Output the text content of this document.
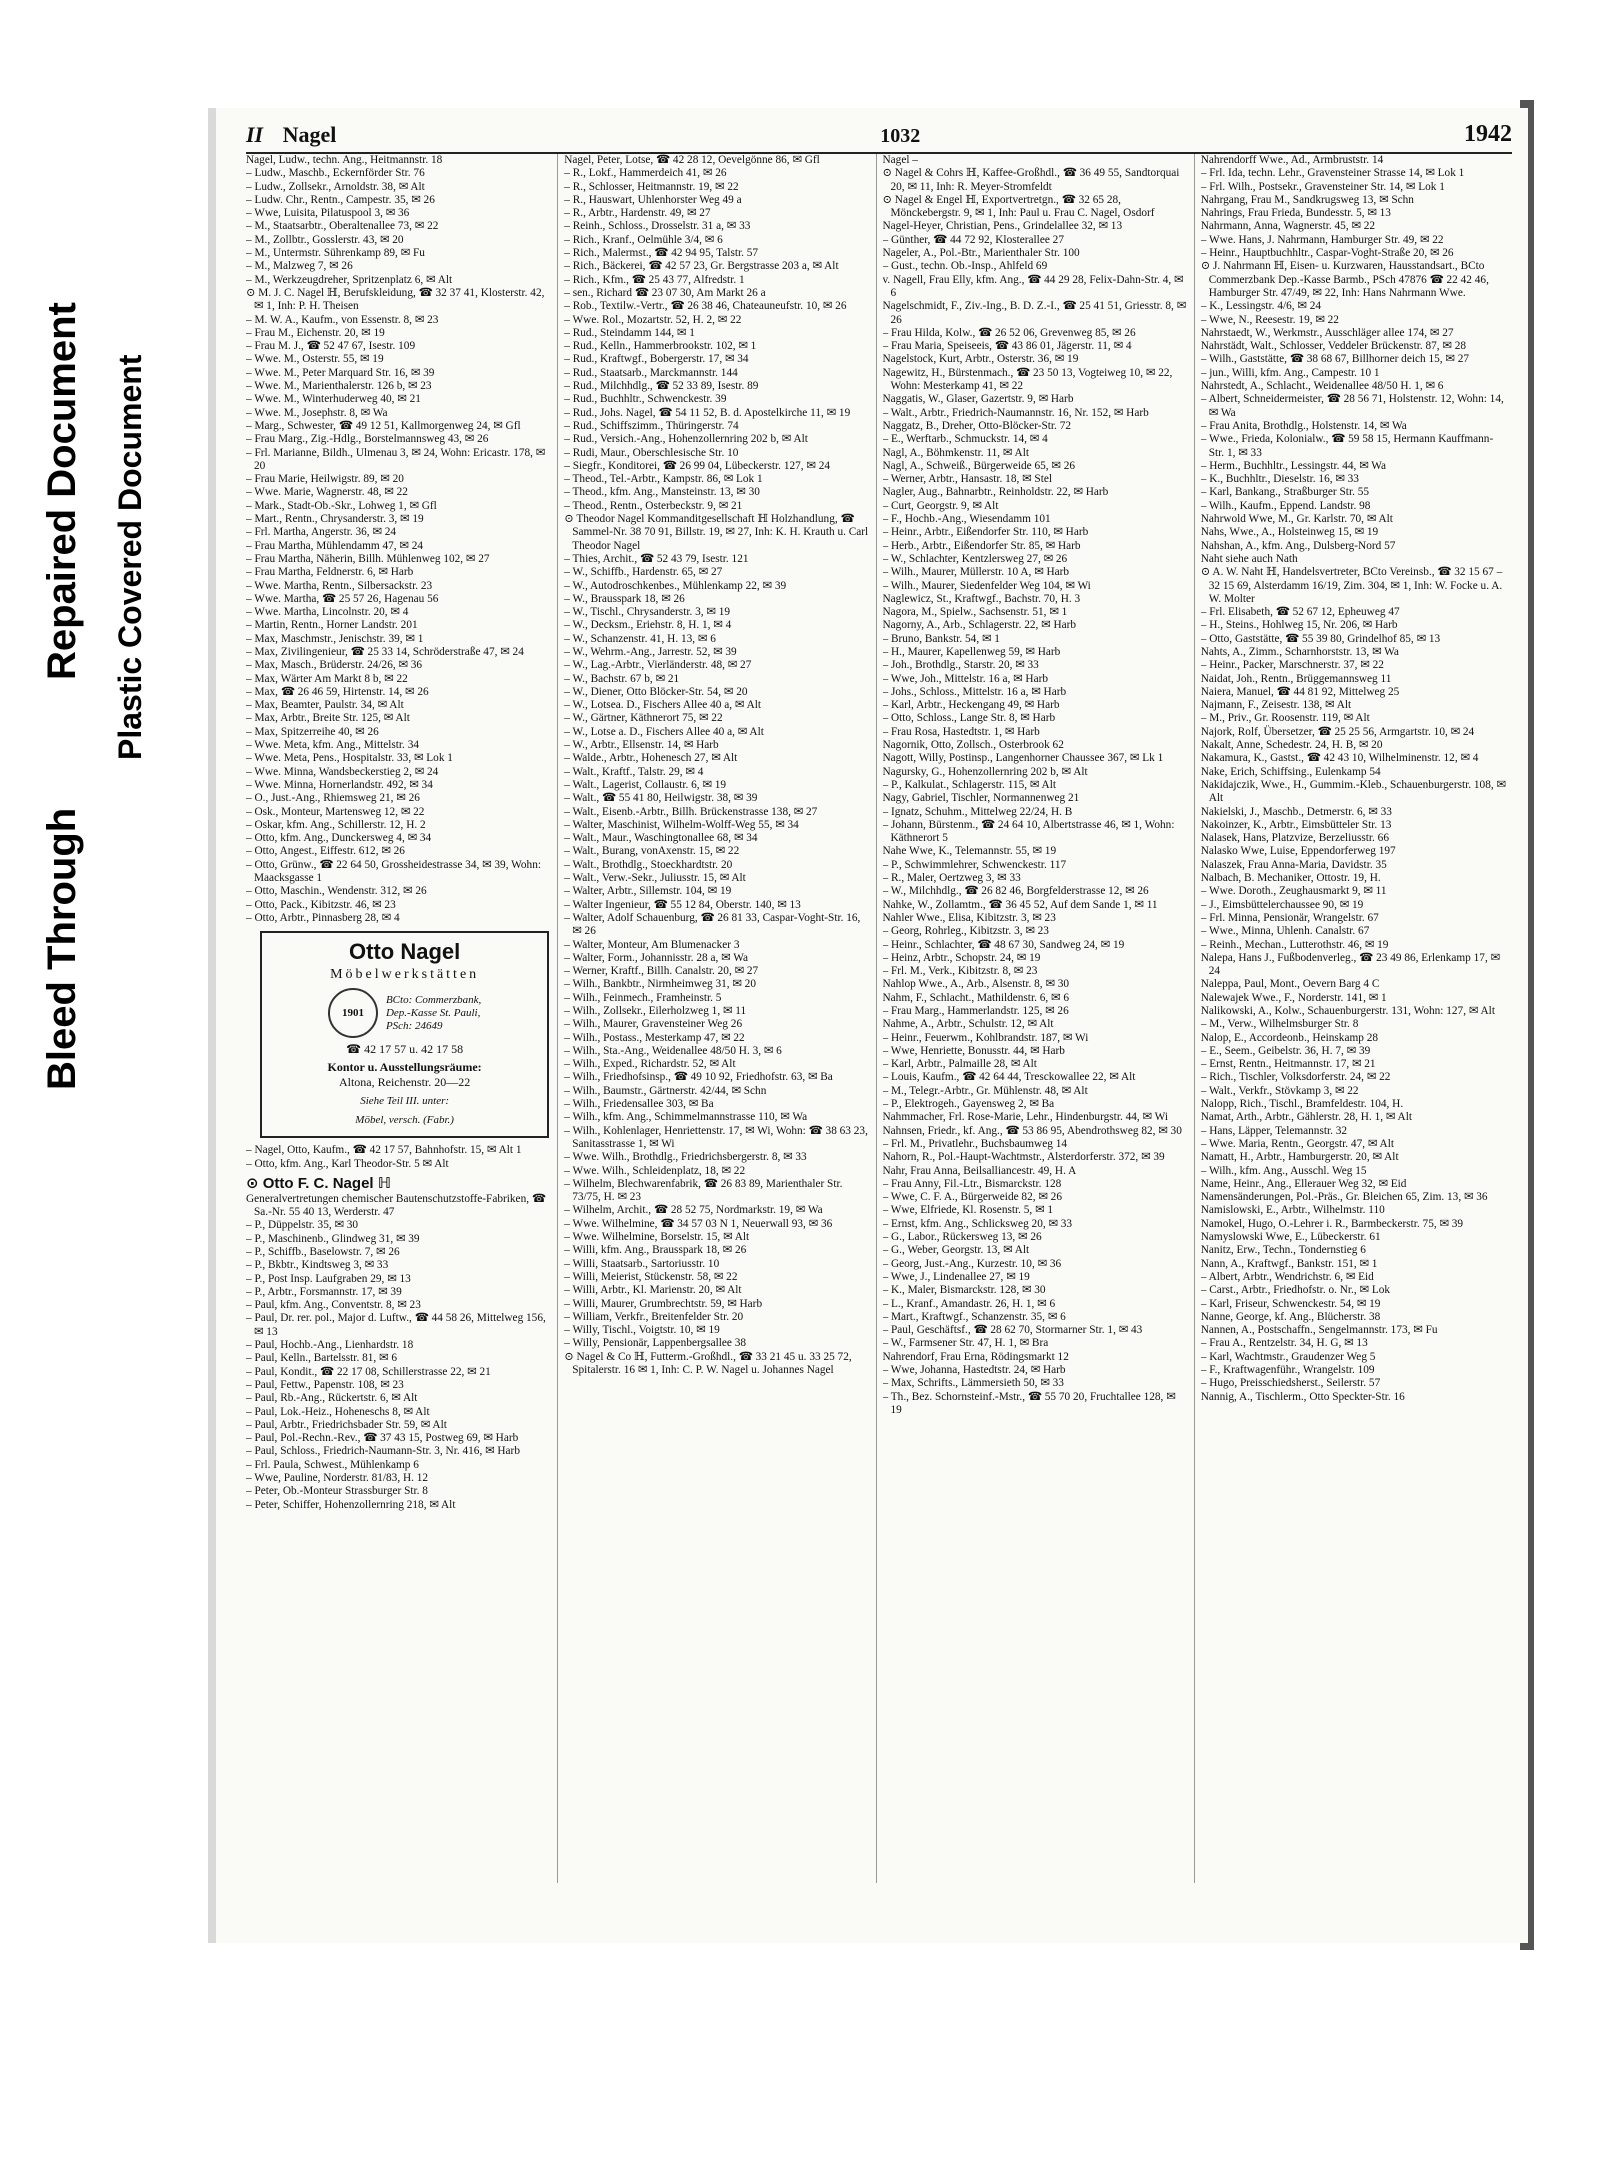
Bleed Through
Repaired Document Plastic Covered Document
II Nagel	1032	1942

Nagel, Ludw., techn. Ang., Heitmannstr. 18

– Ludw., Maschb., Eckernförder Str. 76

– Ludw., Zollsekr., Arnoldstr. 38, ✉ Alt

– Ludw. Chr., Rentn., Campestr. 35, ✉ 26

– Wwe, Luisita, Pilatuspool 3, ✉ 36

– M., Staatsarbtr., Oberaltenallee 73, ✉ 22

– M., Zollbtr., Gosslerstr. 43, ✉ 20

– M., Untermstr. Sührenkamp 89, ✉ Fu

– M., Malzweg 7, ✉ 26

– M., Werkzeugdreher, Spritzenplatz 6, ✉ Alt

⊙ M. J. C. Nagel ℍ, Berufskleidung, ☎ 32 37 41, Klosterstr. 42, ✉ 1, Inh: P. H. Theisen

– M. W. A., Kaufm., von Essenstr. 8, ✉ 23

– Frau M., Eichenstr. 20, ✉ 19

– Frau M. J., ☎ 52 47 67, Isestr. 109

– Wwe. M., Osterstr. 55, ✉ 19

– Wwe. M., Peter Marquard Str. 16, ✉ 39

– Wwe. M., Marienthalerstr. 126 b, ✉ 23

– Wwe. M., Winterhuderweg 40, ✉ 21

– Wwe. M., Josephstr. 8, ✉ Wa

– Marg., Schwester, ☎ 49 12 51, Kallmorgenweg 24, ✉ Gfl

– Frau Marg., Zig.-Hdlg., Borstelmannsweg 43, ✉ 26

– Frl. Marianne, Bildh., Ulmenau 3, ✉ 24, Wohn: Ericastr. 178, ✉ 20

– Frau Marie, Heilwigstr. 89, ✉ 20

– Wwe. Marie, Wagnerstr. 48, ✉ 22

– Mark., Stadt-Ob.-Skr., Lohweg 1, ✉ Gfl

– Mart., Rentn., Chrysanderstr. 3, ✉ 19

– Frl. Martha, Angerstr. 36, ✉ 24

– Frau Martha, Mühlendamm 47, ✉ 24

– Frau Martha, Näherin, Billh. Mühlenweg 102, ✉ 27

– Frau Martha, Feldnerstr. 6, ✉ Harb

– Wwe. Martha, Rentn., Silbersackstr. 23

– Wwe. Martha, ☎ 25 57 26, Hagenau 56

– Wwe. Martha, Lincolnstr. 20, ✉ 4

– Martin, Rentn., Horner Landstr. 201

– Max, Maschmstr., Jenischstr. 39, ✉ 1

– Max, Zivilingenieur, ☎ 25 33 14, Schröderstraße 47, ✉ 24

– Max, Masch., Brüderstr. 24/26, ✉ 36

– Max, Wärter Am Markt 8 b, ✉ 22

– Max, ☎ 26 46 59, Hirtenstr. 14, ✉ 26

– Max, Beamter, Paulstr. 34, ✉ Alt

– Max, Arbtr., Breite Str. 125, ✉ Alt

– Max, Spitzerreihe 40, ✉ 26

– Wwe. Meta, kfm. Ang., Mittelstr. 34

– Wwe. Meta, Pens., Hospitalstr. 33, ✉ Lok 1

– Wwe. Minna, Wandsbeckerstieg 2, ✉ 24

– Wwe. Minna, Hornerlandstr. 492, ✉ 34

– O., Just.-Ang., Rhiemsweg 21, ✉ 26

– Osk., Monteur, Martensweg 12, ✉ 22

– Oskar, kfm. Ang., Schillerstr. 12, H. 2

– Otto, kfm. Ang., Dunckersweg 4, ✉ 34

– Otto, Angest., Eiffestr. 612, ✉ 26

– Otto, Grünw., ☎ 22 64 50, Grossheidestrasse 34, ✉ 39, Wohn: Maacksgasse 1

– Otto, Maschin., Wendenstr. 312, ✉ 26

– Otto, Pack., Kibitzstr. 46, ✉ 23

– Otto, Arbtr., Pinnasberg 28, ✉ 4

Otto Nagel
Möbelwerkstätten
1901
BCto: Commerzbank,
Dep.-Kasse St. Pauli,
PSch: 24649
☎ 42 17 57 u. 42 17 58
Kontor u. Ausstellungsräume:
Altona, Reichenstr. 20—22
Siehe Teil III. unter:
Möbel, versch. (Fabr.)

– Nagel, Otto, Kaufm., ☎ 42 17 57, Bahnhofstr. 15, ✉ Alt 1

– Otto, kfm. Ang., Karl Theodor-Str. 5 ✉ Alt

⊙ Otto F. C. Nagel ℍ

Generalvertretungen chemischer Bautenschutzstoffe-Fabriken, ☎ Sa.-Nr. 55 40 13, Werderstr. 47

– P., Düppelstr. 35, ✉ 30

– P., Maschinenb., Glindweg 31, ✉ 39

– P., Schiffb., Baselowstr. 7, ✉ 26

– P., Bkbtr., Kindtsweg 3, ✉ 33

– P., Post Insp. Laufgraben 29, ✉ 13

– P., Arbtr., Forsmannstr. 17, ✉ 39

– Paul, kfm. Ang., Conventstr. 8, ✉ 23

– Paul, Dr. rer. pol., Major d. Luftw., ☎ 44 58 26, Mittelweg 156, ✉ 13

– Paul, Hochb.-Ang., Lienhardstr. 18

– Paul, Kelln., Bartelsstr. 81, ✉ 6

– Paul, Kondit., ☎ 22 17 08, Schillerstrasse 22, ✉ 21

– Paul, Fettw., Papenstr. 108, ✉ 23

– Paul, Rb.-Ang., Rückertstr. 6, ✉ Alt

– Paul, Lok.-Heiz., Hoheneschs 8, ✉ Alt

– Paul, Arbtr., Friedrichsbader Str. 59, ✉ Alt

– Paul, Pol.-Rechn.-Rev., ☎ 37 43 15, Postweg 69, ✉ Harb

– Paul, Schloss., Friedrich-Naumann-Str. 3, Nr. 416, ✉ Harb

– Frl. Paula, Schwest., Mühlenkamp 6

– Wwe, Pauline, Norderstr. 81/83, H. 12

– Peter, Ob.-Monteur Strassburger Str. 8

– Peter, Schiffer, Hohenzollernring 218, ✉ Alt

Nagel, Peter, Lotse, ☎ 42 28 12, Oevelgönne 86, ✉ Gfl

– R., Lokf., Hammerdeich 41, ✉ 26

– R., Schlosser, Heitmannstr. 19, ✉ 22

– R., Hauswart, Uhlenhorster Weg 49 a

– R., Arbtr., Hardenstr. 49, ✉ 27

– Reinh., Schloss., Drosselstr. 31 a, ✉ 33

– Rich., Kranf., Oelmühle 3/4, ✉ 6

– Rich., Malermst., ☎ 42 94 95, Talstr. 57

– Rich., Bäckerei, ☎ 42 57 23, Gr. Bergstrasse 203 a, ✉ Alt

– Rich., Kfm., ☎ 25 43 77, Alfredstr. 1

– sen., Richard ☎ 23 07 30, Am Markt 26 a

– Rob., Textilw.-Vertr., ☎ 26 38 46, Chateauneufstr. 10, ✉ 26

– Wwe. Rol., Mozartstr. 52, H. 2, ✉ 22

– Rud., Steindamm 144, ✉ 1

– Rud., Kelln., Hammerbrookstr. 102, ✉ 1

– Rud., Kraftwgf., Bobergerstr. 17, ✉ 34

– Rud., Staatsarb., Marckmannstr. 144

– Rud., Milchhdlg., ☎ 52 33 89, Isestr. 89

– Rud., Buchhltr., Schwenckestr. 39

– Rud., Johs. Nagel, ☎ 54 11 52, B. d. Apostelkirche 11, ✉ 19

– Rud., Schiffszimm., Thüringerstr. 74

– Rud., Versich.-Ang., Hohenzollernring 202 b, ✉ Alt

– Rudi, Maur., Oberschlesische Str. 10

– Siegfr., Konditorei, ☎ 26 99 04, Lübeckerstr. 127, ✉ 24

– Theod., Tel.-Arbtr., Kampstr. 86, ✉ Lok 1

– Theod., kfm. Ang., Mansteinstr. 13, ✉ 30

– Theod., Rentn., Osterbeckstr. 9, ✉ 21

⊙ Theodor Nagel Kommanditgesellschaft ℍ Holzhandlung, ☎ Sammel-Nr. 38 70 91, Billstr. 19, ✉ 27, Inh: K. H. Krauth u. Carl Theodor Nagel

– Thies, Archit., ☎ 52 43 79, Isestr. 121

– W., Schiffb., Hardenstr. 65, ✉ 27

– W., Autodroschkenbes., Mühlenkamp 22, ✉ 39

– W., Brausspark 18, ✉ 26

– W., Tischl., Chrysanderstr. 3, ✉ 19

– W., Decksm., Eriehstr. 8, H. 1, ✉ 4

– W., Schanzenstr. 41, H. 13, ✉ 6

– W., Wehrm.-Ang., Jarrestr. 52, ✉ 39

– W., Lag.-Arbtr., Vierländerstr. 48, ✉ 27

– W., Bachstr. 67 b, ✉ 21

– W., Diener, Otto Blöcker-Str. 54, ✉ 20

– W., Lotsea. D., Fischers Allee 40 a, ✉ Alt

– W., Gärtner, Käthnerort 75, ✉ 22

– W., Lotse a. D., Fischers Allee 40 a, ✉ Alt

– W., Arbtr., Ellsenstr. 14, ✉ Harb

– Walde., Arbtr., Hohenesch 27, ✉ Alt

– Walt., Kraftf., Talstr. 29, ✉ 4

– Walt., Lagerist, Collaustr. 6, ✉ 19

– Walt., ☎ 55 41 80, Heilwigstr. 38, ✉ 39

– Walt., Eisenb.-Arbtr., Billh. Brückenstrasse 138, ✉ 27

– Walter, Maschinist, Wilhelm-Wolff-Weg 55, ✉ 34

– Walt., Maur., Waschingtonallee 68, ✉ 34

– Walt., Burang, vonAxenstr. 15, ✉ 22

– Walt., Brothdlg., Stoeckhardtstr. 20

– Walt., Verw.-Sekr., Juliusstr. 15, ✉ Alt

– Walter, Arbtr., Sillemstr. 104, ✉ 19

– Walter Ingenieur, ☎ 55 12 84, Oberstr. 140, ✉ 13

– Walter, Adolf Schauenburg, ☎ 26 81 33, Caspar-Voght-Str. 16, ✉ 26

– Walter, Monteur, Am Blumenacker 3

– Walter, Form., Johannisstr. 28 a, ✉ Wa

– Werner, Kraftf., Billh. Canalstr. 20, ✉ 27

– Wilh., Bankbtr., Nirmheimweg 31, ✉ 20

– Wilh., Feinmech., Framheinstr. 5

– Wilh., Zollsekr., Eilerholzweg 1, ✉ 11

– Wilh., Maurer, Gravensteiner Weg 26

– Wilh., Postass., Mesterkamp 47, ✉ 22

– Wilh., Sta.-Ang., Weidenallee 48/50 H. 3, ✉ 6

– Wilh., Exped., Richardstr. 52, ✉ Alt

– Wilh., Friedhofsinsp., ☎ 49 10 92, Friedhofstr. 63, ✉ Ba

– Wilh., Baumstr., Gärtnerstr. 42/44, ✉ Schn

– Wilh., Friedensallee 303, ✉ Ba

– Wilh., kfm. Ang., Schimmelmannstrasse 110, ✉ Wa

– Wilh., Kohlenlager, Henriettenstr. 17, ✉ Wi, Wohn: ☎ 38 63 23, Sanitasstrasse 1, ✉ Wi

– Wwe. Wilh., Brothdlg., Friedrichsbergerstr. 8, ✉ 33

– Wwe. Wilh., Schleidenplatz, 18, ✉ 22

– Wilhelm, Blechwarenfabrik, ☎ 26 83 89, Marienthaler Str. 73/75, H. ✉ 23

– Wilhelm, Archit., ☎ 28 52 75, Nordmarkstr. 19, ✉ Wa

– Wwe. Wilhelmine, ☎ 34 57 03 N 1, Neuerwall 93, ✉ 36

– Wwe. Wilhelmine, Borselstr. 15, ✉ Alt

– Willi, kfm. Ang., Brausspark 18, ✉ 26

– Willi, Staatsarb., Sartoriusstr. 10

– Willi, Meierist, Stückenstr. 58, ✉ 22

– Willi, Arbtr., Kl. Marienstr. 20, ✉ Alt

– Willi, Maurer, Grumbrechtstr. 59, ✉ Harb

– William, Verkfr., Breitenfelder Str. 20

– Willy, Tischl., Voigtstr. 10, ✉ 19

– Willy, Pensionär, Lappenbergsallee 38

⊙ Nagel & Co ℍ, Futterm.-Großhdl., ☎ 33 21 45 u. 33 25 72, Spitalerstr. 16 ✉ 1, Inh: C. P. W. Nagel u. Johannes Nagel

Nagel –

⊙ Nagel & Cohrs ℍ, Kaffee-Großhdl., ☎ 36 49 55, Sandtorquai 20, ✉ 11, Inh: R. Meyer-Stromfeldt

⊙ Nagel & Engel ℍ, Exportvertretgn., ☎ 32 65 28, Mönckebergstr. 9, ✉ 1, Inh: Paul u. Frau C. Nagel, Osdorf

Nagel-Heyer, Christian, Pens., Grindelallee 32, ✉ 13

– Günther, ☎ 44 72 92, Klosterallee 27

Nageler, A., Pol.-Btr., Marienthaler Str. 100

– Gust., techn. Ob.-Insp., Ahlfeld 69

v. Nagell, Frau Elly, kfm. Ang., ☎ 44 29 28, Felix-Dahn-Str. 4, ✉ 6

Nagelschmidt, F., Ziv.-Ing., B. D. Z.-I., ☎ 25 41 51, Griesstr. 8, ✉ 26

– Frau Hilda, Kolw., ☎ 26 52 06, Grevenweg 85, ✉ 26

– Frau Maria, Speiseeis, ☎ 43 86 01, Jägerstr. 11, ✉ 4

Nagelstock, Kurt, Arbtr., Osterstr. 36, ✉ 19

Nagewitz, H., Bürstenmach., ☎ 23 50 13, Vogteiweg 10, ✉ 22, Wohn: Mesterkamp 41, ✉ 22

Naggatis, W., Glaser, Gazertstr. 9, ✉ Harb

– Walt., Arbtr., Friedrich-Naumannstr. 16, Nr. 152, ✉ Harb

Naggatz, B., Dreher, Otto-Blöcker-Str. 72

– E., Werftarb., Schmuckstr. 14, ✉ 4

Nagl, A., Böhmkenstr. 11, ✉ Alt

Nagl, A., Schweiß., Bürgerweide 65, ✉ 26

– Werner, Arbtr., Hansastr. 18, ✉ Stel

Nagler, Aug., Bahnarbtr., Reinholdstr. 22, ✉ Harb

– Curt, Georgstr. 9, ✉ Alt

– F., Hochb.-Ang., Wiesendamm 101

– Heinr., Arbtr., Eißendorfer Str. 110, ✉ Harb

– Herb., Arbtr., Eißendorfer Str. 85, ✉ Harb

– W., Schlachter, Kentzlersweg 27, ✉ 26

– Wilh., Maurer, Müllerstr. 10 A, ✉ Harb

– Wilh., Maurer, Siedenfelder Weg 104, ✉ Wi

Naglewicz, St., Kraftwgf., Bachstr. 70, H. 3

Nagora, M., Spielw., Sachsenstr. 51, ✉ 1

Nagorny, A., Arb., Schlagerstr. 22, ✉ Harb

– Bruno, Bankstr. 54, ✉ 1

– H., Maurer, Kapellenweg 59, ✉ Harb

– Joh., Brothdlg., Starstr. 20, ✉ 33

– Wwe, Joh., Mittelstr. 16 a, ✉ Harb

– Johs., Schloss., Mittelstr. 16 a, ✉ Harb

– Karl, Arbtr., Heckengang 49, ✉ Harb

– Otto, Schloss., Lange Str. 8, ✉ Harb

– Frau Rosa, Hastedtstr. 1, ✉ Harb

Nagornik, Otto, Zollsch., Osterbrook 62

Nagott, Willy, Postinsp., Langenhorner Chaussee 367, ✉ Lk 1

Nagursky, G., Hohenzollernring 202 b, ✉ Alt

– P., Kalkulat., Schlagerstr. 115, ✉ Alt

Nagy, Gabriel, Tischler, Normannenweg 21

– Ignatz, Schuhm., Mittelweg 22/24, H. B

– Johann, Bürstenm., ☎ 24 64 10, Albertstrasse 46, ✉ 1, Wohn: Käthnerort 5

Nahe Wwe, K., Telemannstr. 55, ✉ 19

– P., Schwimmlehrer, Schwenckestr. 117

– R., Maler, Oertzweg 3, ✉ 33

– W., Milchhdlg., ☎ 26 82 46, Borgfelderstrasse 12, ✉ 26

Nahke, W., Zollamtm., ☎ 36 45 52, Auf dem Sande 1, ✉ 11

Nahler Wwe., Elisa, Kibitzstr. 3, ✉ 23

– Georg, Rohrleg., Kibitzstr. 3, ✉ 23

– Heinr., Schlachter, ☎ 48 67 30, Sandweg 24, ✉ 19

– Heinz, Arbtr., Schopstr. 24, ✉ 19

– Frl. M., Verk., Kibitzstr. 8, ✉ 23

Nahlop Wwe., A., Arb., Alsenstr. 8, ✉ 30

Nahm, F., Schlacht., Mathildenstr. 6, ✉ 6

– Frau Marg., Hammerlandstr. 125, ✉ 26

Nahme, A., Arbtr., Schulstr. 12, ✉ Alt

– Heinr., Feuerwm., Kohlbrandstr. 187, ✉ Wi

– Wwe, Henriette, Bonusstr. 44, ✉ Harb

– Karl, Arbtr., Palmaille 28, ✉ Alt

– Louis, Kaufm., ☎ 42 64 44, Tresckowallee 22, ✉ Alt

– M., Telegr.-Arbtr., Gr. Mühlenstr. 48, ✉ Alt

– P., Elektrogeh., Gayensweg 2, ✉ Ba

Nahmmacher, Frl. Rose-Marie, Lehr., Hindenburgstr. 44, ✉ Wi

Nahnsen, Friedr., kf. Ang., ☎ 53 86 95, Abendrothsweg 82, ✉ 30

– Frl. M., Privatlehr., Buchsbaumweg 14

Nahorn, R., Pol.-Haupt-Wachtmstr., Alsterdorferstr. 372, ✉ 39

Nahr, Frau Anna, Beilsalliancestr. 49, H. A

– Frau Anny, Fil.-Ltr., Bismarckstr. 128

– Wwe, C. F. A., Bürgerweide 82, ✉ 26

– Wwe, Elfriede, Kl. Rosenstr. 5, ✉ 1

– Ernst, kfm. Ang., Schlicksweg 20, ✉ 33

– G., Labor., Rückersweg 13, ✉ 26

– G., Weber, Georgstr. 13, ✉ Alt

– Georg, Just.-Ang., Kurzestr. 10, ✉ 36

– Wwe, J., Lindenallee 27, ✉ 19

– K., Maler, Bismarckstr. 128, ✉ 30

– L., Kranf., Amandastr. 26, H. 1, ✉ 6

– Mart., Kraftwgf., Schanzenstr. 35, ✉ 6

– Paul, Geschäftsf., ☎ 28 62 70, Stormarner Str. 1, ✉ 43

– W., Farmsener Str. 47, H. 1, ✉ Bra

Nahrendorf, Frau Erna, Rödingsmarkt 12

– Wwe, Johanna, Hastedtstr. 24, ✉ Harb

– Max, Schrifts., Lämmersieth 50, ✉ 33

– Th., Bez. Schornsteinf.-Mstr., ☎ 55 70 20, Fruchtallee 128, ✉ 19

Nahrendorff Wwe., Ad., Armbruststr. 14

– Frl. Ida, techn. Lehr., Gravensteiner Strasse 14, ✉ Lok 1

– Frl. Wilh., Postsekr., Gravensteiner Str. 14, ✉ Lok 1

Nahrgang, Frau M., Sandkrugsweg 13, ✉ Schn

Nahrings, Frau Frieda, Bundesstr. 5, ✉ 13

Nahrmann, Anna, Wagnerstr. 45, ✉ 22

– Wwe. Hans, J. Nahrmann, Hamburger Str. 49, ✉ 22

– Heinr., Hauptbuchhltr., Caspar-Voght-Straße 20, ✉ 26

⊙ J. Nahrmann ℍ, Eisen- u. Kurzwaren, Hausstandsart., BCto Commerzbank Dep.-Kasse Barmb., PSch 47876 ☎ 22 42 46, Hamburger Str. 47/49, ✉ 22, Inh: Hans Nahrmann Wwe.

– K., Lessingstr. 4/6, ✉ 24

– Wwe, N., Reesestr. 19, ✉ 22

Nahrstaedt, W., Werkmstr., Ausschläger allee 174, ✉ 27

Nahrstädt, Walt., Schlosser, Veddeler Brückenstr. 87, ✉ 28

– Wilh., Gaststätte, ☎ 38 68 67, Billhorner deich 15, ✉ 27

– jun., Willi, kfm. Ang., Campestr. 10 1

Nahrstedt, A., Schlacht., Weidenallee 48/50 H. 1, ✉ 6

– Albert, Schneidermeister, ☎ 28 56 71, Holstenstr. 12, Wohn: 14, ✉ Wa

– Frau Anita, Brothdlg., Holstenstr. 14, ✉ Wa

– Wwe., Frieda, Kolonialw., ☎ 59 58 15, Hermann Kauffmann-Str. 1, ✉ 33

– Herm., Buchhltr., Lessingstr. 44, ✉ Wa

– K., Buchhltr., Dieselstr. 16, ✉ 33

– Karl, Bankang., Straßburger Str. 55

– Wilh., Kaufm., Eppend. Landstr. 98

Nahrwold Wwe, M., Gr. Karlstr. 70, ✉ Alt

Nahs, Wwe., A., Holsteinweg 15, ✉ 19

Nahshan, A., kfm. Ang., Dulsberg-Nord 57

Naht siehe auch Nath

⊙ A. W. Naht ℍ, Handelsvertreter, BCto Vereinsb., ☎ 32 15 67 – 32 15 69, Alsterdamm 16/19, Zim. 304, ✉ 1, Inh: W. Focke u. A. W. Molter

– Frl. Elisabeth, ☎ 52 67 12, Epheuweg 47

– H., Steins., Hohlweg 15, Nr. 206, ✉ Harb

– Otto, Gaststätte, ☎ 55 39 80, Grindelhof 85, ✉ 13

Nahts, A., Zimm., Scharnhorststr. 13, ✉ Wa

– Heinr., Packer, Marschnerstr. 37, ✉ 22

Naidat, Joh., Rentn., Brüggemannsweg 11

Naiera, Manuel, ☎ 44 81 92, Mittelweg 25

Najmann, F., Zeisestr. 138, ✉ Alt

– M., Priv., Gr. Roosenstr. 119, ✉ Alt

Najork, Rolf, Übersetzer, ☎ 25 25 56, Armgartstr. 10, ✉ 24

Nakalt, Anne, Schedestr. 24, H. B, ✉ 20

Nakamura, K., Gastst., ☎ 42 43 10, Wilhelminenstr. 12, ✉ 4

Nake, Erich, Schiffsing., Eulenkamp 54

Nakidajczik, Wwe., H., Gummim.-Kleb., Schauenburgerstr. 108, ✉ Alt

Nakielski, J., Maschb., Detmerstr. 6, ✉ 33

Nakoinzer, K., Arbtr., Eimsbütteler Str. 13

Nalasek, Hans, Platzvize, Berzeliusstr. 66

Nalasko Wwe, Luise, Eppendorferweg 197

Nalaszek, Frau Anna-Maria, Davidstr. 35

Nalbach, B. Mechaniker, Ottostr. 19, H.

– Wwe. Doroth., Zeughausmarkt 9, ✉ 11

– J., Eimsbüttelerchaussee 90, ✉ 19

– Frl. Minna, Pensionär, Wrangelstr. 67

– Wwe., Minna, Uhlenh. Canalstr. 67

– Reinh., Mechan., Lutterothstr. 46, ✉ 19

Nalepa, Hans J., Fußbodenverleg., ☎ 23 49 86, Erlenkamp 17, ✉ 24

Naleppa, Paul, Mont., Oevern Barg 4 C

Nalewajek Wwe., F., Norderstr. 141, ✉ 1

Nalikowski, A., Kolw., Schauenburgerstr. 131, Wohn: 127, ✉ Alt

– M., Verw., Wilhelmsburger Str. 8

Nalop, E., Accordeonb., Heinskamp 28

– E., Seem., Geibelstr. 36, H. 7, ✉ 39

– Ernst, Rentn., Heitmannstr. 17, ✉ 21

– Rich., Tischler, Volksdorferstr. 24, ✉ 22

– Walt., Verkfr., Stövkamp 3, ✉ 22

Nalopp, Rich., Tischl., Bramfeldestr. 104, H.

Namat, Arth., Arbtr., Gählerstr. 28, H. 1, ✉ Alt

– Hans, Läpper, Telemannstr. 32

– Wwe. Maria, Rentn., Georgstr. 47, ✉ Alt

Namatt, H., Arbtr., Hamburgerstr. 20, ✉ Alt

– Wilh., kfm. Ang., Ausschl. Weg 15

Name, Heinr., Ang., Ellerauer Weg 32, ✉ Eid

Namensänderungen, Pol.-Präs., Gr. Bleichen 65, Zim. 13, ✉ 36

Namislowski, E., Arbtr., Wilhelmstr. 110

Namokel, Hugo, O.-Lehrer i. R., Barmbeckerstr. 75, ✉ 39

Namyslowski Wwe, E., Lübeckerstr. 61

Nanitz, Erw., Techn., Tondernstieg 6

Nann, A., Kraftwgf., Bankstr. 151, ✉ 1

– Albert, Arbtr., Wendrichstr. 6, ✉ Eid

– Carst., Arbtr., Friedhofstr. o. Nr., ✉ Lok

– Karl, Friseur, Schwenckestr. 54, ✉ 19

Nanne, George, kf. Ang., Blücherstr. 38

Nannen, A., Postschaffn., Sengelmannstr. 173, ✉ Fu

– Frau A., Rentzelstr. 34, H. G, ✉ 13

– Karl, Wachtmstr., Graudenzer Weg 5

– F., Kraftwagenführ., Wrangelstr. 109

– Hugo, Preisschiedsherst., Seilerstr. 57

Nannig, A., Tischlerm., Otto Speckter-Str. 16
